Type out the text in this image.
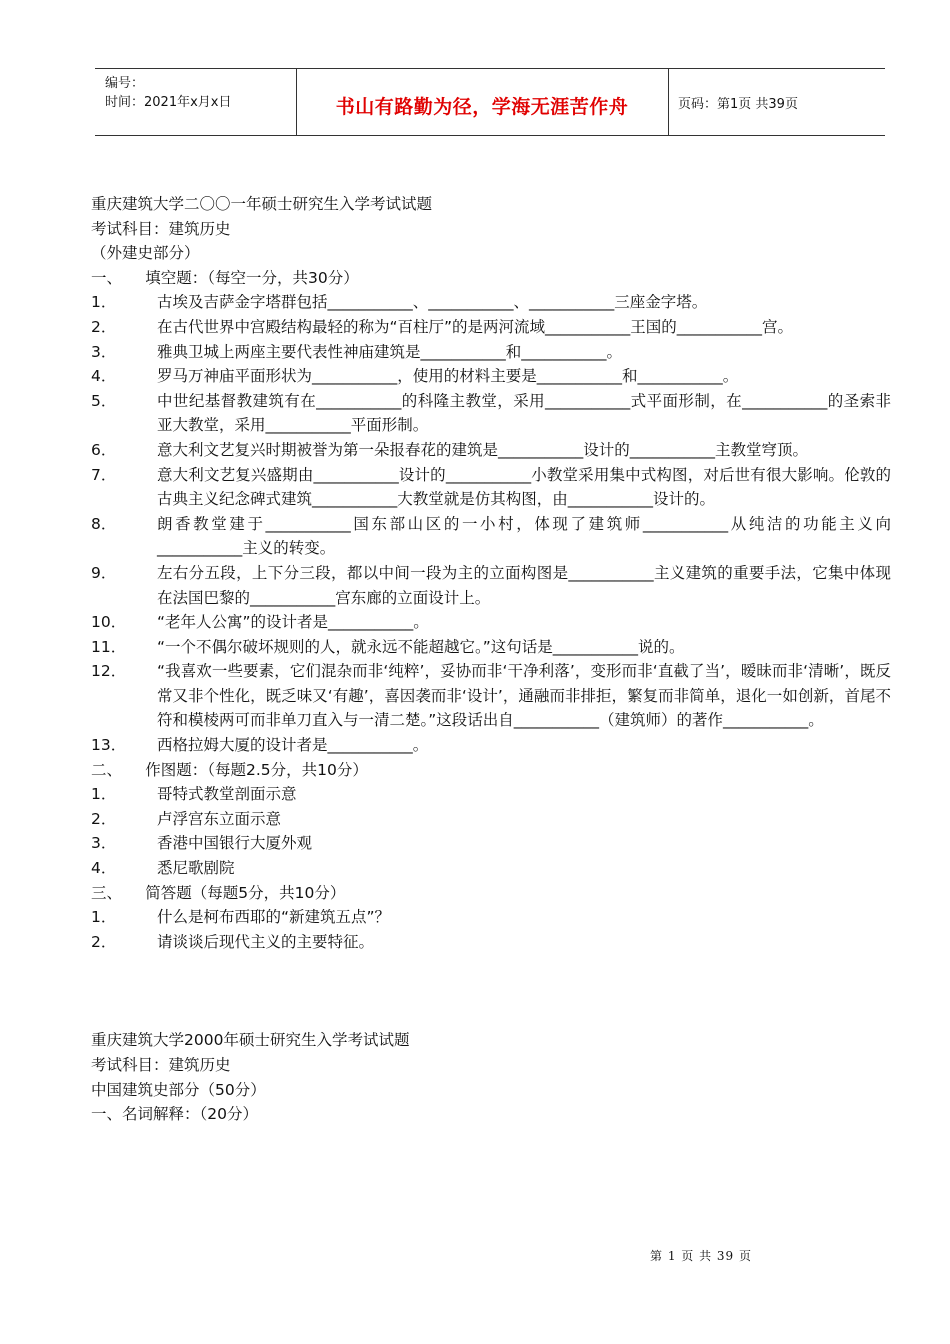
编号：
时间：2021年x月x日	书山有路勤为径，学海无涯苦作舟	页码：第1页 共39页
重庆建筑大学二〇〇一年硕士研究生入学考试试题
考试科目：建筑历史
（外建史部分）
一、　　填空题：（每空一分，共30分）
1．	古埃及吉萨金字塔群包括___________、___________、___________三座金字塔。
2．	在古代世界中宫殿结构最轻的称为“百柱厅”的是两河流域___________王国的___________宫。
3．	雅典卫城上两座主要代表性神庙建筑是___________和___________。
4．	罗马万神庙平面形状为___________，使用的材料主要是___________和___________。
5．	中世纪基督教建筑有在___________的科隆主教堂，采用___________式平面形制，在___________的圣索非亚大教堂，采用___________平面形制。
6．	意大利文艺复兴时期被誉为第一朵报春花的建筑是___________设计的___________主教堂穹顶。
7．	意大利文艺复兴盛期由___________设计的___________小教堂采用集中式构图，对后世有很大影响。伦敦的古典主义纪念碑式建筑___________大教堂就是仿其构图，由___________设计的。
8．	朗香教堂建于___________国东部山区的一小村，体现了建筑师___________从纯洁的功能主义向___________主义的转变。
9．	左右分五段，上下分三段，都以中间一段为主的立面构图是___________主义建筑的重要手法，它集中体现在法国巴黎的___________宫东廊的立面设计上。
10．	“老年人公寓”的设计者是___________。
11．	“一个不偶尔破坏规则的人，就永远不能超越它。”这句话是___________说的。
12．	“我喜欢一些要素，它们混杂而非‘纯粹’，妥协而非‘干净利落’，变形而非‘直截了当’，暧昧而非‘清晰’，既反常又非个性化，既乏味又‘有趣’，喜因袭而非‘设计’，通融而非排拒，繁复而非简单，退化一如创新，首尾不符和模棱两可而非单刀直入与一清二楚。”这段话出自___________（建筑师）的著作___________。
13．	西格拉姆大厦的设计者是___________。
二、　　作图题：（每题2.5分，共10分）
1．	哥特式教堂剖面示意
2．	卢浮宫东立面示意
3．	香港中国银行大厦外观
4．	悉尼歌剧院
三、　　简答题（每题5分，共10分）
1．	什么是柯布西耶的“新建筑五点”？
2．	请谈谈后现代主义的主要特征。
重庆建筑大学2000年硕士研究生入学考试试题
考试科目：建筑历史
中国建筑史部分（50分）
一、名词解释：（20分）
第 1 页 共 39 页
